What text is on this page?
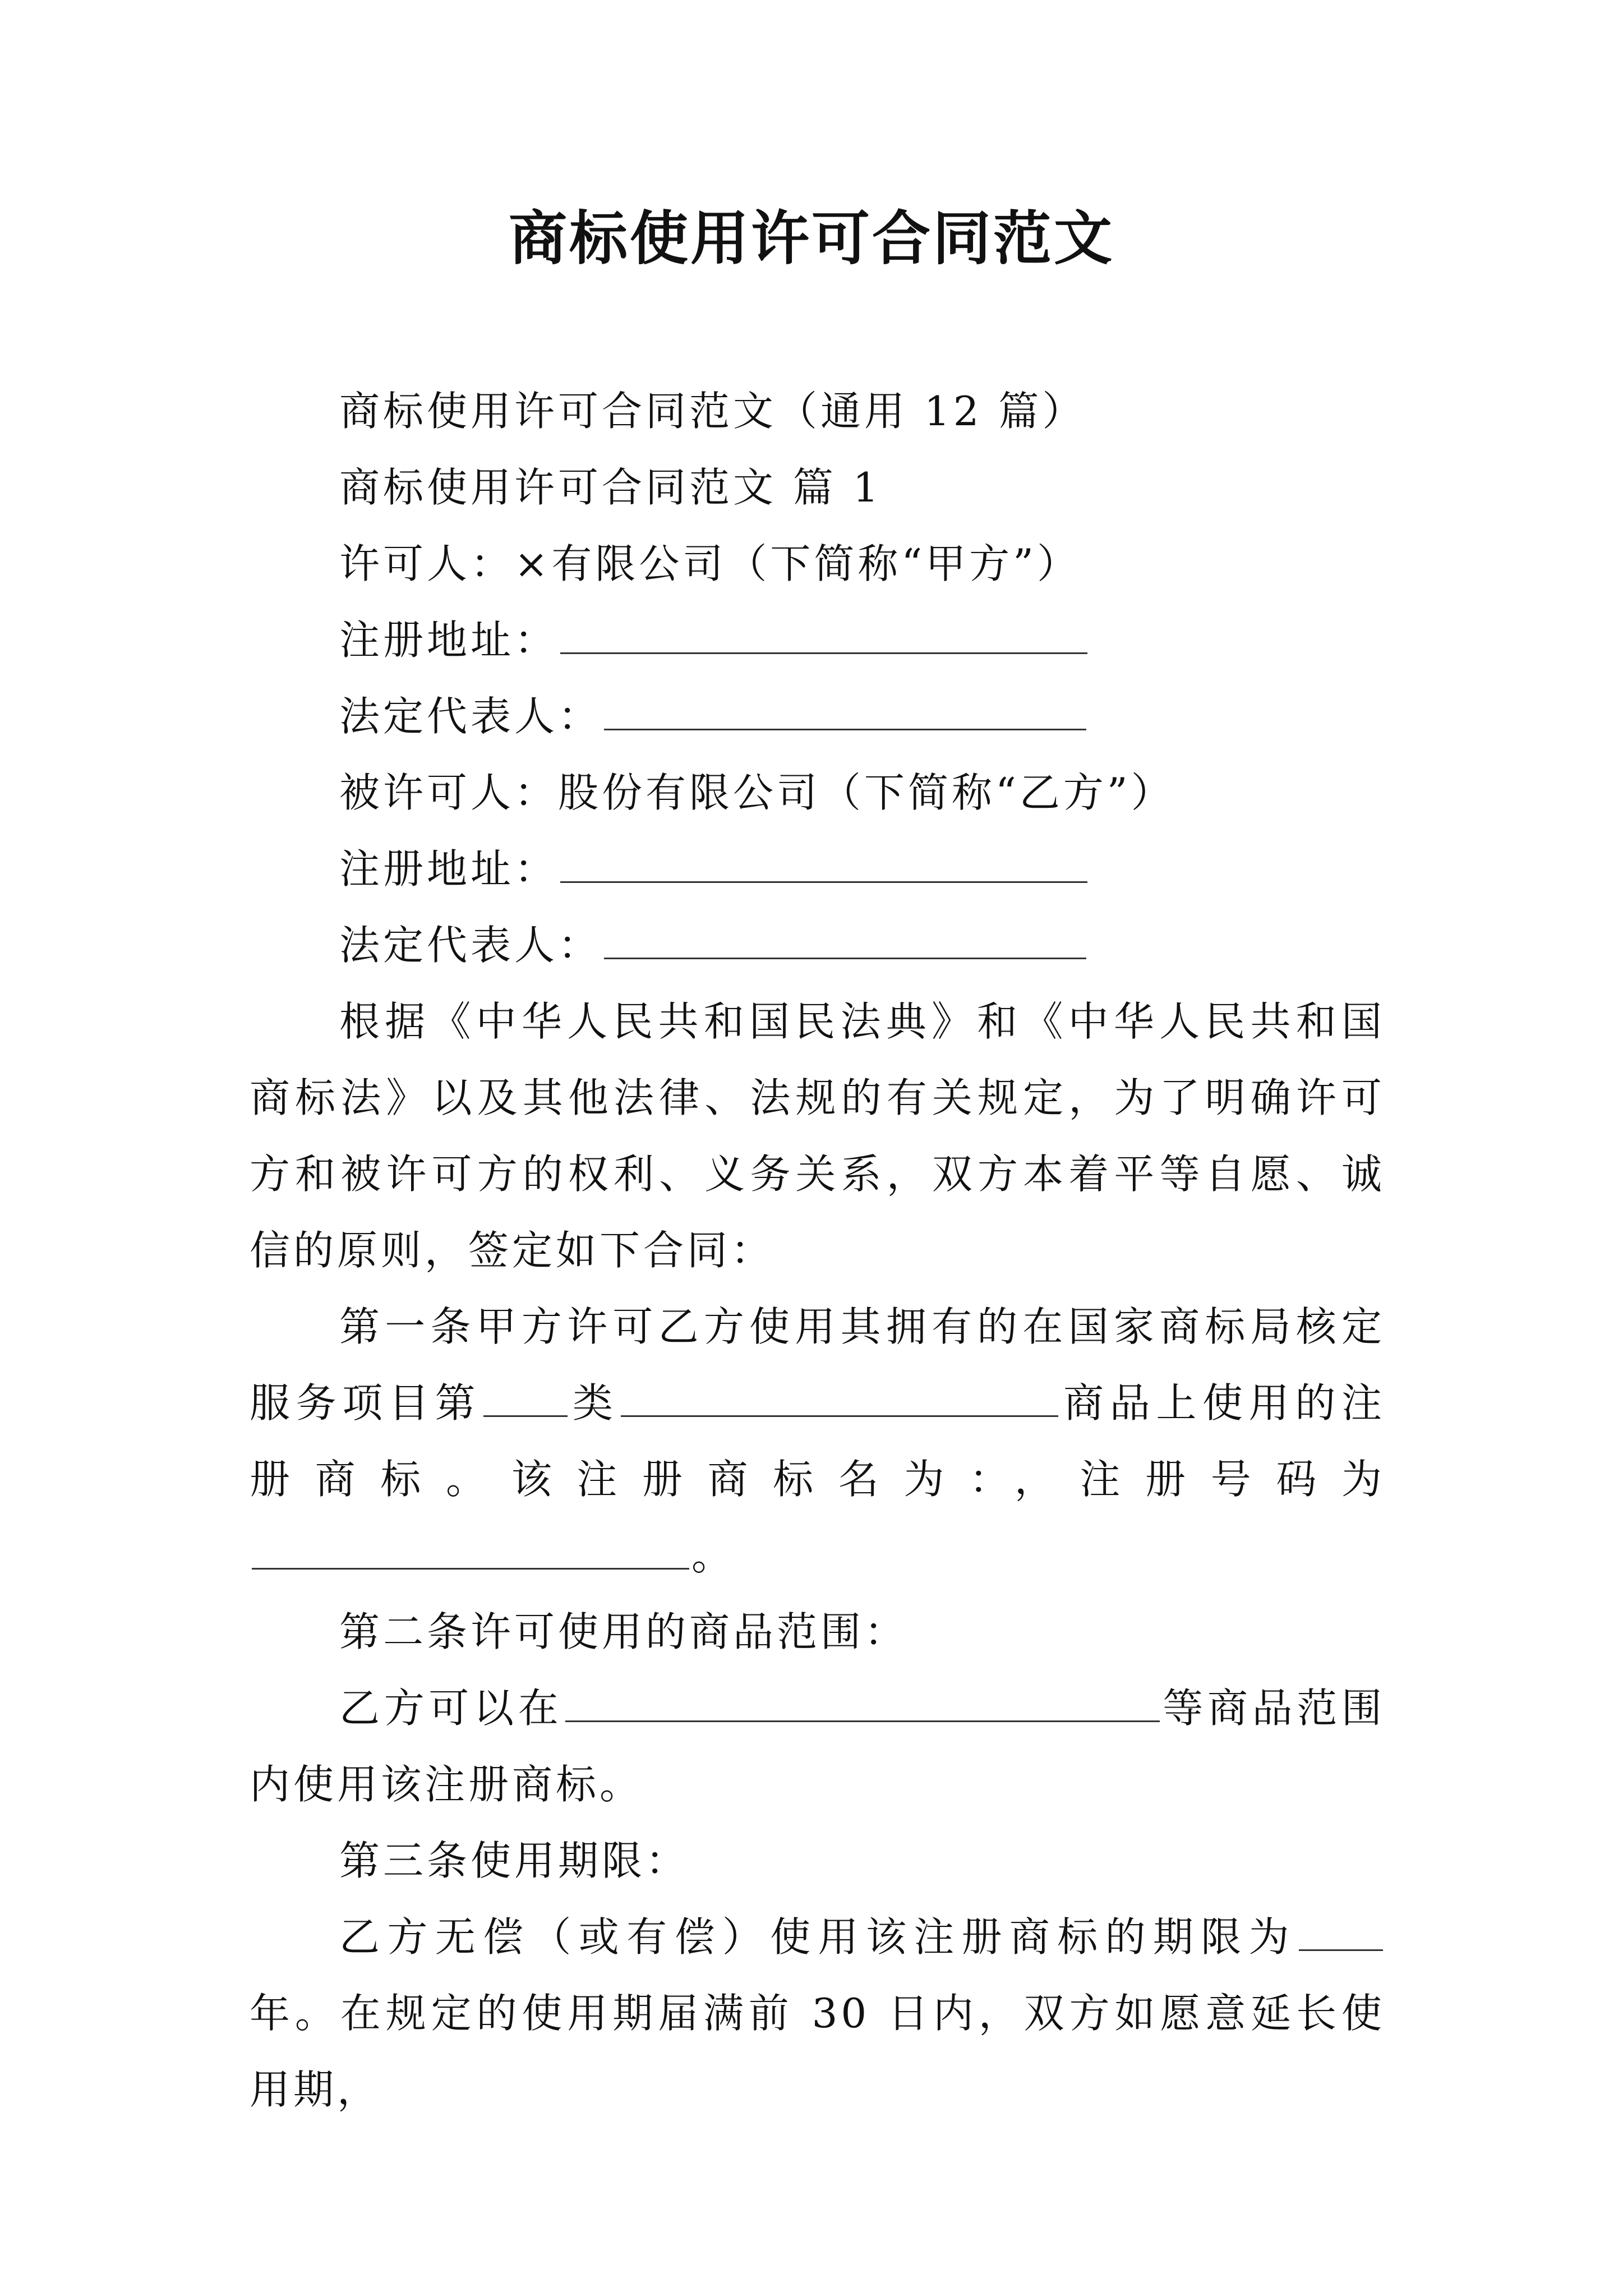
商标使用许可合同范文

商标使用许可合同范文（通用 12 篇）

商标使用许可合同范文 篇 1

许可人：×有限公司（下简称“甲方”）

注册地址：

法定代表人：

被许可人：股份有限公司（下简称“乙方”）

注册地址：

法定代表人：

根据《中华人民共和国民法典》和《中华人民共和国商标法》以及其他法律、法规的有关规定，为了明确许可方和被许可方的权利、义务关系，双方本着平等自愿、诚信的原则，签定如下合同：

第一条甲方许可乙方使用其拥有的在国家商标局核定服务项目第 类	商品上使用的注册商标。该注册商标名为：，注册号码为。

第二条许可使用的商品范围：

乙方可以在	等商品范围内使用该注册商标。

第三条使用期限：

乙方无偿（或有偿）使用该注册商标的期限为年。在规定的使用期届满前 30 日内，双方如愿意延长使用期，
